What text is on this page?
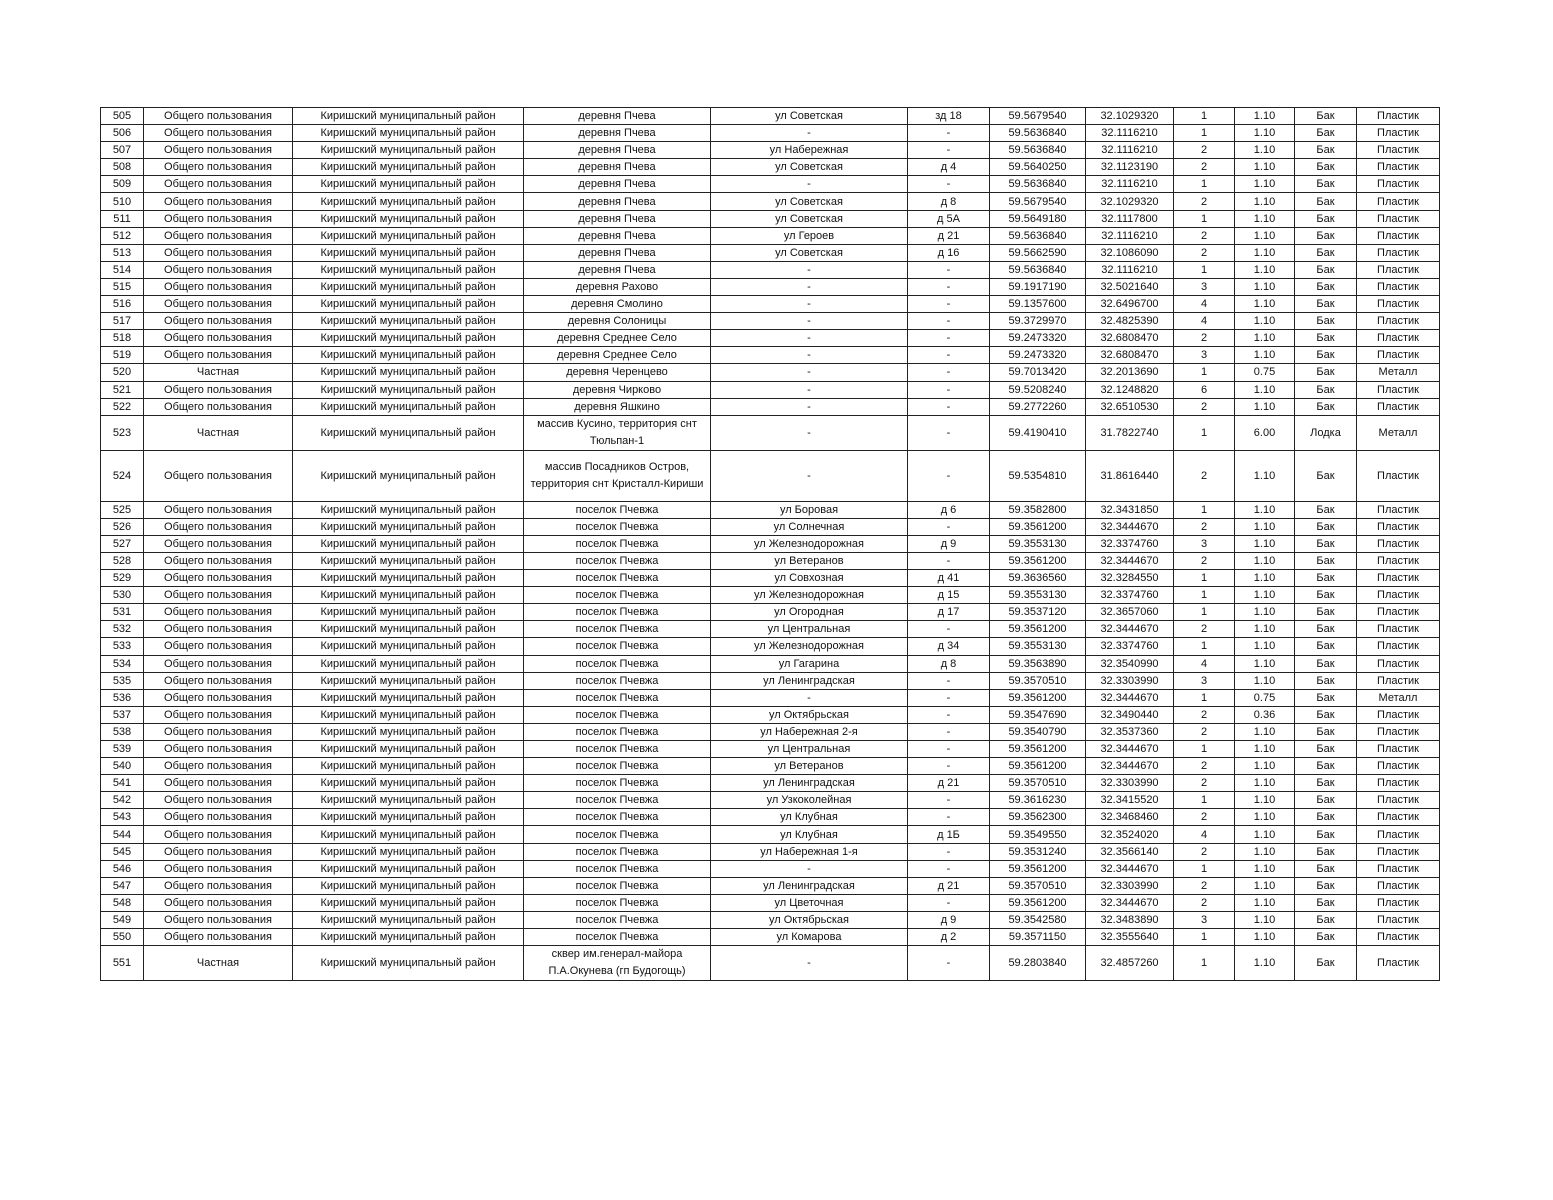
505	Общего пользования	Киришский муниципальный район	деревня Пчева	ул Советская	зд 18	59.5679540	32.1029320	1	1.10	Бак	Пластик
506	Общего пользования	Киришский муниципальный район	деревня Пчева	-	-	59.5636840	32.1116210	1	1.10	Бак	Пластик
507	Общего пользования	Киришский муниципальный район	деревня Пчева	ул Набережная	-	59.5636840	32.1116210	2	1.10	Бак	Пластик
508	Общего пользования	Киришский муниципальный район	деревня Пчева	ул Советская	д 4	59.5640250	32.1123190	2	1.10	Бак	Пластик
509	Общего пользования	Киришский муниципальный район	деревня Пчева	-	-	59.5636840	32.1116210	1	1.10	Бак	Пластик
510	Общего пользования	Киришский муниципальный район	деревня Пчева	ул Советская	д 8	59.5679540	32.1029320	2	1.10	Бак	Пластик
511	Общего пользования	Киришский муниципальный район	деревня Пчева	ул Советская	д 5А	59.5649180	32.1117800	1	1.10	Бак	Пластик
512	Общего пользования	Киришский муниципальный район	деревня Пчева	ул Героев	д 21	59.5636840	32.1116210	2	1.10	Бак	Пластик
513	Общего пользования	Киришский муниципальный район	деревня Пчева	ул Советская	д 16	59.5662590	32.1086090	2	1.10	Бак	Пластик
514	Общего пользования	Киришский муниципальный район	деревня Пчева	-	-	59.5636840	32.1116210	1	1.10	Бак	Пластик
515	Общего пользования	Киришский муниципальный район	деревня Рахово	-	-	59.1917190	32.5021640	3	1.10	Бак	Пластик
516	Общего пользования	Киришский муниципальный район	деревня Смолино	-	-	59.1357600	32.6496700	4	1.10	Бак	Пластик
517	Общего пользования	Киришский муниципальный район	деревня Солоницы	-	-	59.3729970	32.4825390	4	1.10	Бак	Пластик
518	Общего пользования	Киришский муниципальный район	деревня Среднее Село	-	-	59.2473320	32.6808470	2	1.10	Бак	Пластик
519	Общего пользования	Киришский муниципальный район	деревня Среднее Село	-	-	59.2473320	32.6808470	3	1.10	Бак	Пластик
520	Частная	Киришский муниципальный район	деревня Черенцево	-	-	59.7013420	32.2013690	1	0.75	Бак	Металл
521	Общего пользования	Киришский муниципальный район	деревня Чирково	-	-	59.5208240	32.1248820	6	1.10	Бак	Пластик
522	Общего пользования	Киришский муниципальный район	деревня Яшкино	-	-	59.2772260	32.6510530	2	1.10	Бак	Пластик
523	Частная	Киришский муниципальный район	массив Кусино, территория снт Тюльпан-1	-	-	59.4190410	31.7822740	1	6.00	Лодка	Металл
524	Общего пользования	Киришский муниципальный район	массив Посадников Остров, территория снт Кристалл-Кириши	-	-	59.5354810	31.8616440	2	1.10	Бак	Пластик
525	Общего пользования	Киришский муниципальный район	поселок Пчевжа	ул Боровая	д 6	59.3582800	32.3431850	1	1.10	Бак	Пластик
526	Общего пользования	Киришский муниципальный район	поселок Пчевжа	ул Солнечная	-	59.3561200	32.3444670	2	1.10	Бак	Пластик
527	Общего пользования	Киришский муниципальный район	поселок Пчевжа	ул Железнодорожная	д 9	59.3553130	32.3374760	3	1.10	Бак	Пластик
528	Общего пользования	Киришский муниципальный район	поселок Пчевжа	ул Ветеранов	-	59.3561200	32.3444670	2	1.10	Бак	Пластик
529	Общего пользования	Киришский муниципальный район	поселок Пчевжа	ул Совхозная	д 41	59.3636560	32.3284550	1	1.10	Бак	Пластик
530	Общего пользования	Киришский муниципальный район	поселок Пчевжа	ул Железнодорожная	д 15	59.3553130	32.3374760	1	1.10	Бак	Пластик
531	Общего пользования	Киришский муниципальный район	поселок Пчевжа	ул Огородная	д 17	59.3537120	32.3657060	1	1.10	Бак	Пластик
532	Общего пользования	Киришский муниципальный район	поселок Пчевжа	ул Центральная	-	59.3561200	32.3444670	2	1.10	Бак	Пластик
533	Общего пользования	Киришский муниципальный район	поселок Пчевжа	ул Железнодорожная	д 34	59.3553130	32.3374760	1	1.10	Бак	Пластик
534	Общего пользования	Киришский муниципальный район	поселок Пчевжа	ул Гагарина	д 8	59.3563890	32.3540990	4	1.10	Бак	Пластик
535	Общего пользования	Киришский муниципальный район	поселок Пчевжа	ул Ленинградская	-	59.3570510	32.3303990	3	1.10	Бак	Пластик
536	Общего пользования	Киришский муниципальный район	поселок Пчевжа	-	-	59.3561200	32.3444670	1	0.75	Бак	Металл
537	Общего пользования	Киришский муниципальный район	поселок Пчевжа	ул Октябрьская	-	59.3547690	32.3490440	2	0.36	Бак	Пластик
538	Общего пользования	Киришский муниципальный район	поселок Пчевжа	ул Набережная 2-я	-	59.3540790	32.3537360	2	1.10	Бак	Пластик
539	Общего пользования	Киришский муниципальный район	поселок Пчевжа	ул Центральная	-	59.3561200	32.3444670	1	1.10	Бак	Пластик
540	Общего пользования	Киришский муниципальный район	поселок Пчевжа	ул Ветеранов	-	59.3561200	32.3444670	2	1.10	Бак	Пластик
541	Общего пользования	Киришский муниципальный район	поселок Пчевжа	ул Ленинградская	д 21	59.3570510	32.3303990	2	1.10	Бак	Пластик
542	Общего пользования	Киришский муниципальный район	поселок Пчевжа	ул Узкоколейная	-	59.3616230	32.3415520	1	1.10	Бак	Пластик
543	Общего пользования	Киришский муниципальный район	поселок Пчевжа	ул Клубная	-	59.3562300	32.3468460	2	1.10	Бак	Пластик
544	Общего пользования	Киришский муниципальный район	поселок Пчевжа	ул Клубная	д 1Б	59.3549550	32.3524020	4	1.10	Бак	Пластик
545	Общего пользования	Киришский муниципальный район	поселок Пчевжа	ул Набережная 1-я	-	59.3531240	32.3566140	2	1.10	Бак	Пластик
546	Общего пользования	Киришский муниципальный район	поселок Пчевжа	-	-	59.3561200	32.3444670	1	1.10	Бак	Пластик
547	Общего пользования	Киришский муниципальный район	поселок Пчевжа	ул Ленинградская	д 21	59.3570510	32.3303990	2	1.10	Бак	Пластик
548	Общего пользования	Киришский муниципальный район	поселок Пчевжа	ул Цветочная	-	59.3561200	32.3444670	2	1.10	Бак	Пластик
549	Общего пользования	Киришский муниципальный район	поселок Пчевжа	ул Октябрьская	д 9	59.3542580	32.3483890	3	1.10	Бак	Пластик
550	Общего пользования	Киришский муниципальный район	поселок Пчевжа	ул Комарова	д 2	59.3571150	32.3555640	1	1.10	Бак	Пластик
551	Частная	Киришский муниципальный район	сквер им.генерал-майора П.А.Окунева (гп Будогощь)	-	-	59.2803840	32.4857260	1	1.10	Бак	Пластик
